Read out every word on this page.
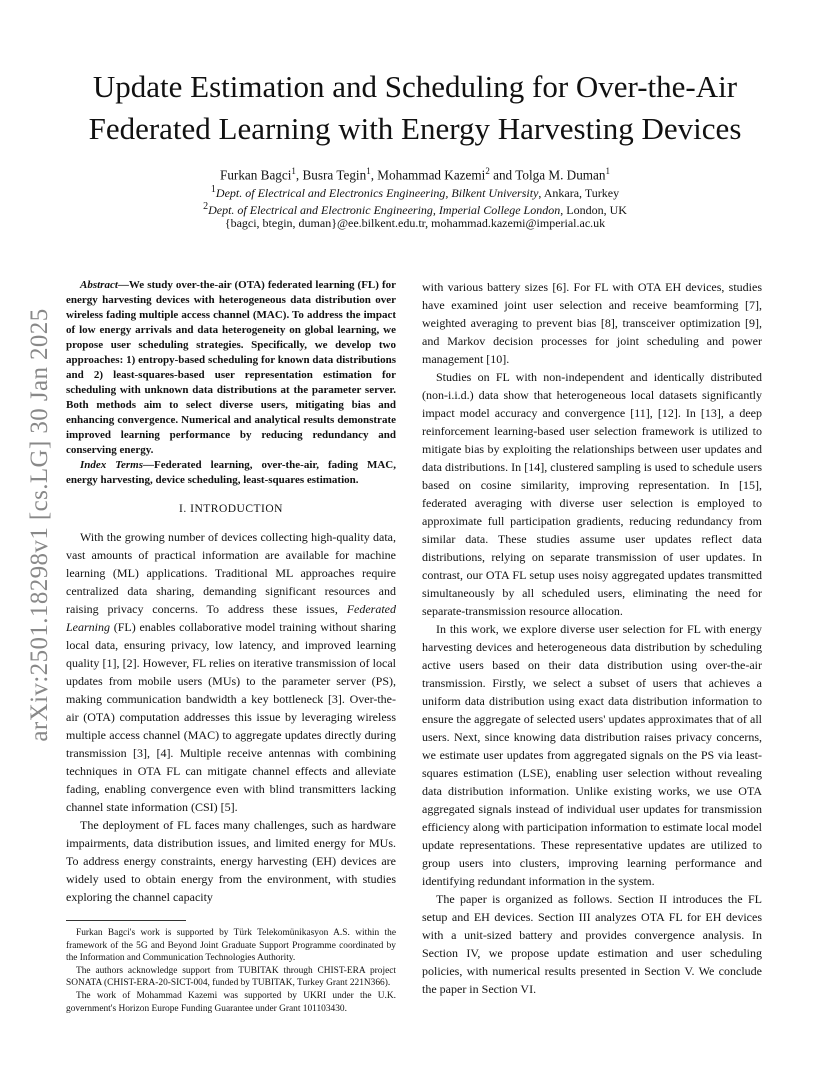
arXiv:2501.18298v1 [cs.LG] 30 Jan 2025
Update Estimation and Scheduling for Over-the-Air
Federated Learning with Energy Harvesting Devices
Furkan Bagci$^1$, Busra Tegin$^1$, Mohammad Kazemi$^2$ and Tolga M. Duman$^1$
$^1$Dept. of Electrical and Electronics Engineering, Bilkent University, Ankara, Turkey
$^2$Dept. of Electrical and Electronic Engineering, Imperial College London, London, UK
{bagci, btegin, duman}@ee.bilkent.edu.tr, mohammad.kazemi@imperial.ac.uk

Abstract—We study over-the-air (OTA) federated learning (FL) for energy harvesting devices with heterogeneous data distribution over wireless fading multiple access channel (MAC). To address the impact of low energy arrivals and data heterogeneity on global learning, we propose user scheduling strategies. Specifically, we develop two approaches: 1) entropy-based scheduling for known data distributions and 2) least-squares-based user representation estimation for scheduling with unknown data distributions at the parameter server. Both methods aim to select diverse users, mitigating bias and enhancing convergence. Numerical and analytical results demonstrate improved learning performance by reducing redundancy and conserving energy.

Index Terms—Federated learning, over-the-air, fading MAC, energy harvesting, device scheduling, least-squares estimation.

I. INTRODUCTION

With the growing number of devices collecting high-quality data, vast amounts of practical information are available for machine learning (ML) applications. Traditional ML approaches require centralized data sharing, demanding significant resources and raising privacy concerns. To address these issues, Federated Learning (FL) enables collaborative model training without sharing local data, ensuring privacy, low latency, and improved learning quality [1], [2]. However, FL relies on iterative transmission of local updates from mobile users (MUs) to the parameter server (PS), making communication bandwidth a key bottleneck [3]. Over-the-air (OTA) computation addresses this issue by leveraging wireless multiple access channel (MAC) to aggregate updates directly during transmission [3], [4]. Multiple receive antennas with combining techniques in OTA FL can mitigate channel effects and alleviate fading, enabling convergence even with blind transmitters lacking channel state information (CSI) [5].

The deployment of FL faces many challenges, such as hardware impairments, data distribution issues, and limited energy for MUs. To address energy constraints, energy harvesting (EH) devices are widely used to obtain energy from the environment, with studies exploring the channel capacity

Furkan Bagci's work is supported by Türk Telekomünikasyon A.S. within the framework of the 5G and Beyond Joint Graduate Support Programme coordinated by the Information and Communication Technologies Authority.

The authors acknowledge support from TUBITAK through CHIST-ERA project SONATA (CHIST-ERA-20-SICT-004, funded by TUBITAK, Turkey Grant 221N366).

The work of Mohammad Kazemi was supported by UKRI under the U.K. government's Horizon Europe Funding Guarantee under Grant 101103430.

with various battery sizes [6]. For FL with OTA EH devices, studies have examined joint user selection and receive beamforming [7], weighted averaging to prevent bias [8], transceiver optimization [9], and Markov decision processes for joint scheduling and power management [10].

Studies on FL with non-independent and identically distributed (non-i.i.d.) data show that heterogeneous local datasets significantly impact model accuracy and convergence [11], [12]. In [13], a deep reinforcement learning-based user selection framework is utilized to mitigate bias by exploiting the relationships between user updates and data distributions. In [14], clustered sampling is used to schedule users based on cosine similarity, improving representation. In [15], federated averaging with diverse user selection is employed to approximate full participation gradients, reducing redundancy from similar data. These studies assume user updates reflect data distributions, relying on separate transmission of user updates. In contrast, our OTA FL setup uses noisy aggregated updates transmitted simultaneously by all scheduled users, eliminating the need for separate-transmission resource allocation.

In this work, we explore diverse user selection for FL with energy harvesting devices and heterogeneous data distribution by scheduling active users based on their data distribution using over-the-air transmission. Firstly, we select a subset of users that achieves a uniform data distribution using exact data distribution information to ensure the aggregate of selected users' updates approximates that of all users. Next, since knowing data distribution raises privacy concerns, we estimate user updates from aggregated signals on the PS via least-squares estimation (LSE), enabling user selection without revealing data distribution information. Unlike existing works, we use OTA aggregated signals instead of individual user updates for transmission efficiency along with participation information to estimate local model update representations. These representative updates are utilized to group users into clusters, improving learning performance and identifying redundant information in the system.

The paper is organized as follows. Section II introduces the FL setup and EH devices. Section III analyzes OTA FL for EH devices with a unit-sized battery and provides convergence analysis. In Section IV, we propose update estimation and user scheduling policies, with numerical results presented in Section V. We conclude the paper in Section VI.
